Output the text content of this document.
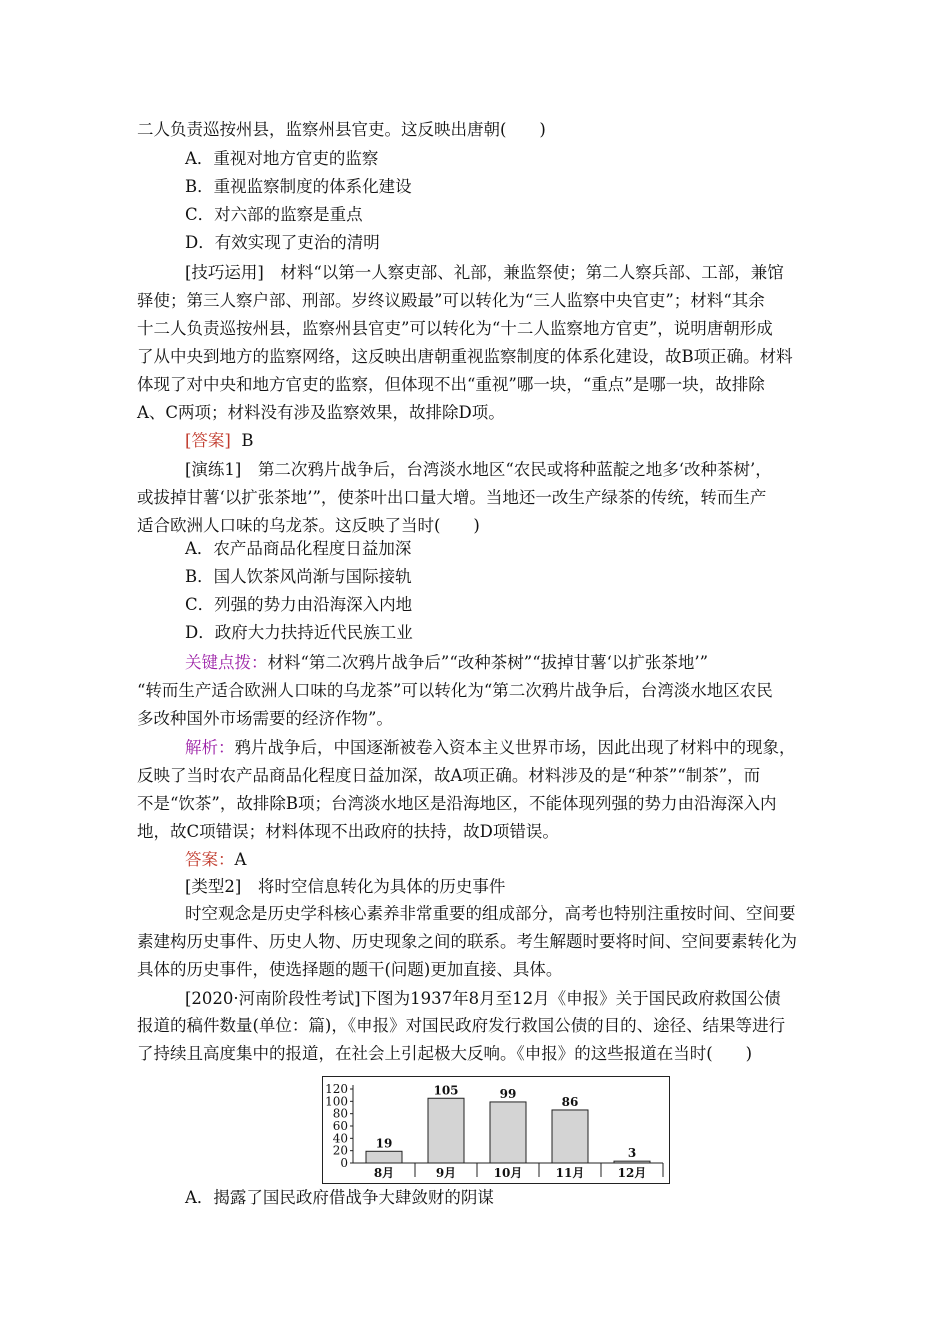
二人负责巡按州县，监察州县官吏。这反映出唐朝(　　)
A．重视对地方官吏的监察
B．重视监察制度的体系化建设
C．对六部的监察是重点
D．有效实现了吏治的清明
[技巧运用]　材料“以第一人察吏部、礼部，兼监祭使；第二人察兵部、工部，兼馆
驿使；第三人察户部、刑部。岁终议殿最”可以转化为“三人监察中央官吏”；材料“其余
十二人负责巡按州县，监察州县官吏”可以转化为“十二人监察地方官吏”，说明唐朝形成
了从中央到地方的监察网络，这反映出唐朝重视监察制度的体系化建设，故B项正确。材料
体现了对中央和地方官吏的监察，但体现不出“重视”哪一块，“重点”是哪一块，故排除
A、C两项；材料没有涉及监察效果，故排除D项。
[答案] B
[演练1]　第二次鸦片战争后，台湾淡水地区“农民或将种蓝靛之地多‘改种茶树’，
或拔掉甘薯‘以扩张茶地’”，使茶叶出口量大增。当地还一改生产绿茶的传统，转而生产
适合欧洲人口味的乌龙茶。这反映了当时(　　)
A．农产品商品化程度日益加深
B．国人饮茶风尚渐与国际接轨
C．列强的势力由沿海深入内地
D．政府大力扶持近代民族工业
关键点拨：材料“第二次鸦片战争后”“改种茶树”“拔掉甘薯‘以扩张茶地’”
“转而生产适合欧洲人口味的乌龙茶”可以转化为“第二次鸦片战争后，台湾淡水地区农民
多改种国外市场需要的经济作物”。
解析：鸦片战争后，中国逐渐被卷入资本主义世界市场，因此出现了材料中的现象，
反映了当时农产品商品化程度日益加深，故A项正确。材料涉及的是“种茶”“制茶”，而
不是“饮茶”，故排除B项；台湾淡水地区是沿海地区，不能体现列强的势力由沿海深入内
地，故C项错误；材料体现不出政府的扶持，故D项错误。
答案：A
[类型2]　将时空信息转化为具体的历史事件
时空观念是历史学科核心素养非常重要的组成部分，高考也特别注重按时间、空间要
素建构历史事件、历史人物、历史现象之间的联系。考生解题时要将时间、空间要素转化为
具体的历史事件，使选择题的题干(问题)更加直接、具体。
[2020·河南阶段性考试]下图为1937年8月至12月《申报》关于国民政府救国公债
报道的稿件数量(单位：篇)，《申报》对国民政府发行救国公债的目的、途径、结果等进行
了持续且高度集中的报道，在社会上引起极大反响。《申报》的这些报道在当时(　　)
0
20
40
60
80
100
120
19
8月
105
9月
99
10月
86
11月
3
12月
A．揭露了国民政府借战争大肆敛财的阴谋
